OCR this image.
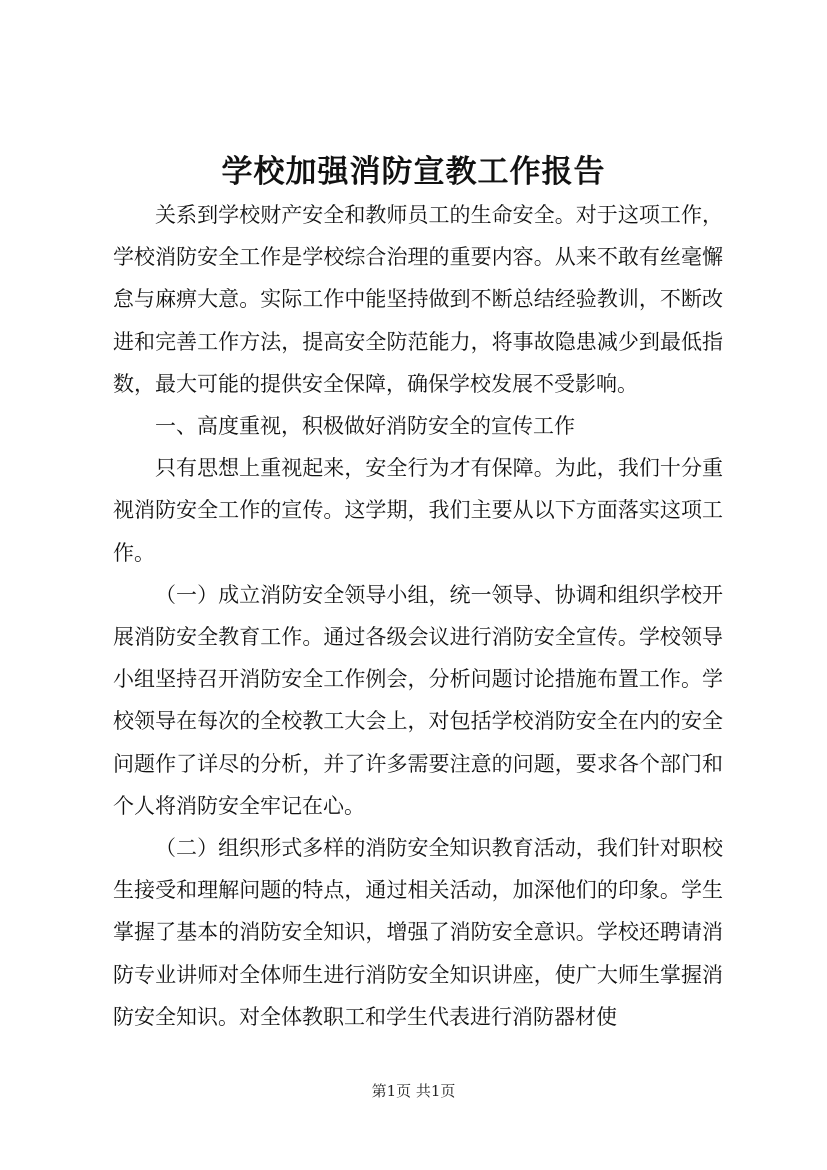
学校加强消防宣教工作报告

关系到学校财产安全和教师员工的生命安全。对于这项工作，学校消防安全工作是学校综合治理的重要内容。从来不敢有丝毫懈怠与麻痹大意。实际工作中能坚持做到不断总结经验教训，不断改进和完善工作方法，提高安全防范能力，将事故隐患减少到最低指数，最大可能的提供安全保障，确保学校发展不受影响。

一、高度重视，积极做好消防安全的宣传工作

只有思想上重视起来，安全行为才有保障。为此，我们十分重视消防安全工作的宣传。这学期，我们主要从以下方面落实这项工作。

（一）成立消防安全领导小组，统一领导、协调和组织学校开展消防安全教育工作。通过各级会议进行消防安全宣传。学校领导小组坚持召开消防安全工作例会，分析问题讨论措施布置工作。学校领导在每次的全校教工大会上，对包括学校消防安全在内的安全问题作了详尽的分析，并了许多需要注意的问题，要求各个部门和个人将消防安全牢记在心。

（二）组织形式多样的消防安全知识教育活动，我们针对职校生接受和理解问题的特点，通过相关活动，加深他们的印象。学生掌握了基本的消防安全知识，增强了消防安全意识。学校还聘请消防专业讲师对全体师生进行消防安全知识讲座，使广大师生掌握消防安全知识。对全体教职工和学生代表进行消防器材使

第1页 共1页
